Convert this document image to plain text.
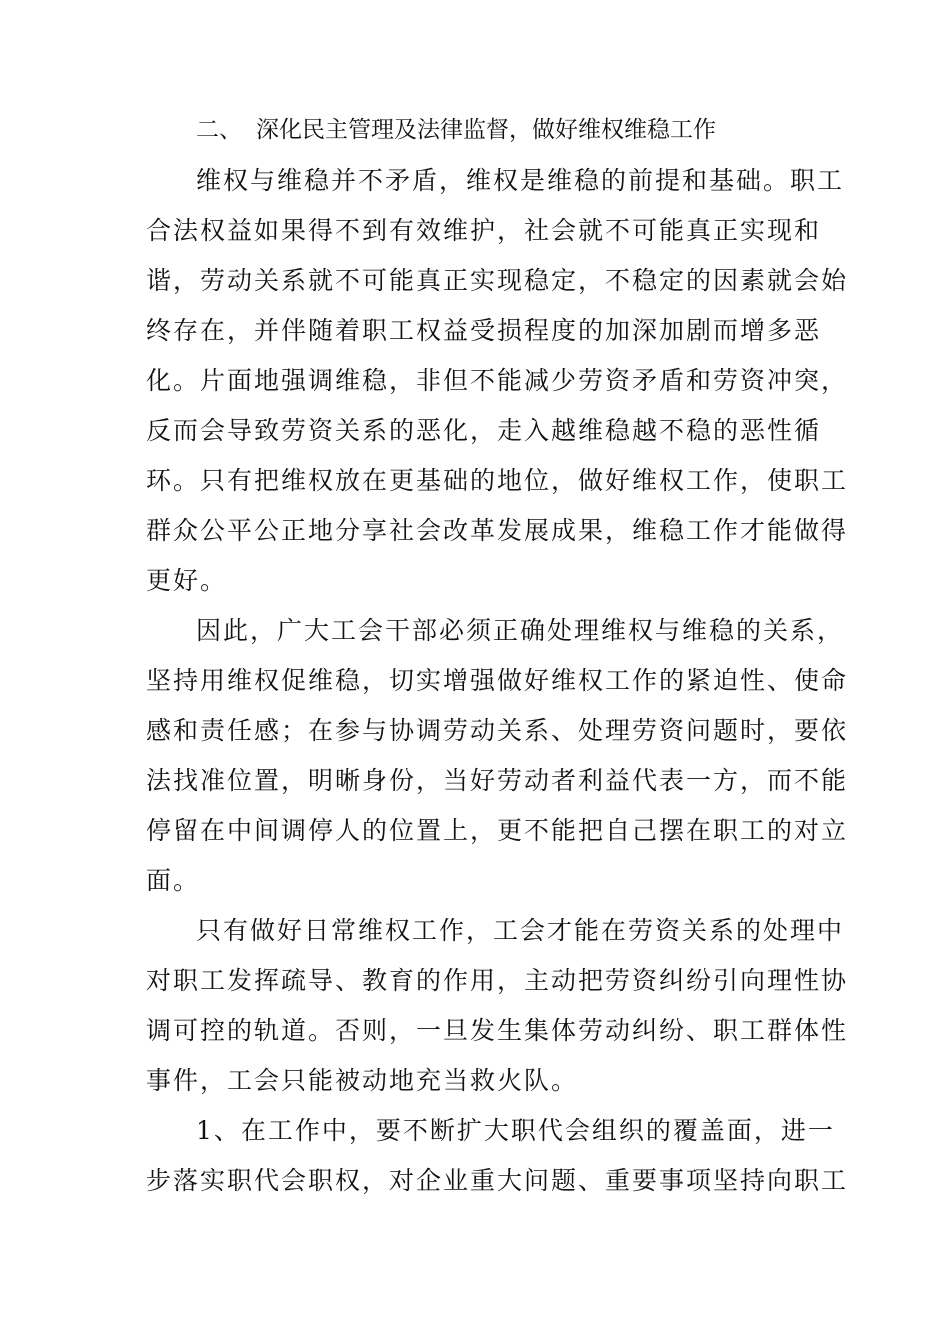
二、 深化民主管理及法律监督，做好维权维稳工作
维权与维稳并不矛盾，维权是维稳的前提和基础。职工
合法权益如果得不到有效维护，社会就不可能真正实现和
谐，劳动关系就不可能真正实现稳定，不稳定的因素就会始
终存在，并伴随着职工权益受损程度的加深加剧而增多恶
化。片面地强调维稳，非但不能减少劳资矛盾和劳资冲突，
反而会导致劳资关系的恶化，走入越维稳越不稳的恶性循
环。只有把维权放在更基础的地位，做好维权工作，使职工
群众公平公正地分享社会改革发展成果，维稳工作才能做得
更好。
因此，广大工会干部必须正确处理维权与维稳的关系，
坚持用维权促维稳，切实增强做好维权工作的紧迫性、使命
感和责任感；在参与协调劳动关系、处理劳资问题时，要依
法找准位置，明晰身份，当好劳动者利益代表一方，而不能
停留在中间调停人的位置上，更不能把自己摆在职工的对立
面。
只有做好日常维权工作，工会才能在劳资关系的处理中
对职工发挥疏导、教育的作用，主动把劳资纠纷引向理性协
调可控的轨道。否则，一旦发生集体劳动纠纷、职工群体性
事件，工会只能被动地充当救火队。
1、在工作中，要不断扩大职代会组织的覆盖面，进一
步落实职代会职权，对企业重大问题、重要事项坚持向职工
